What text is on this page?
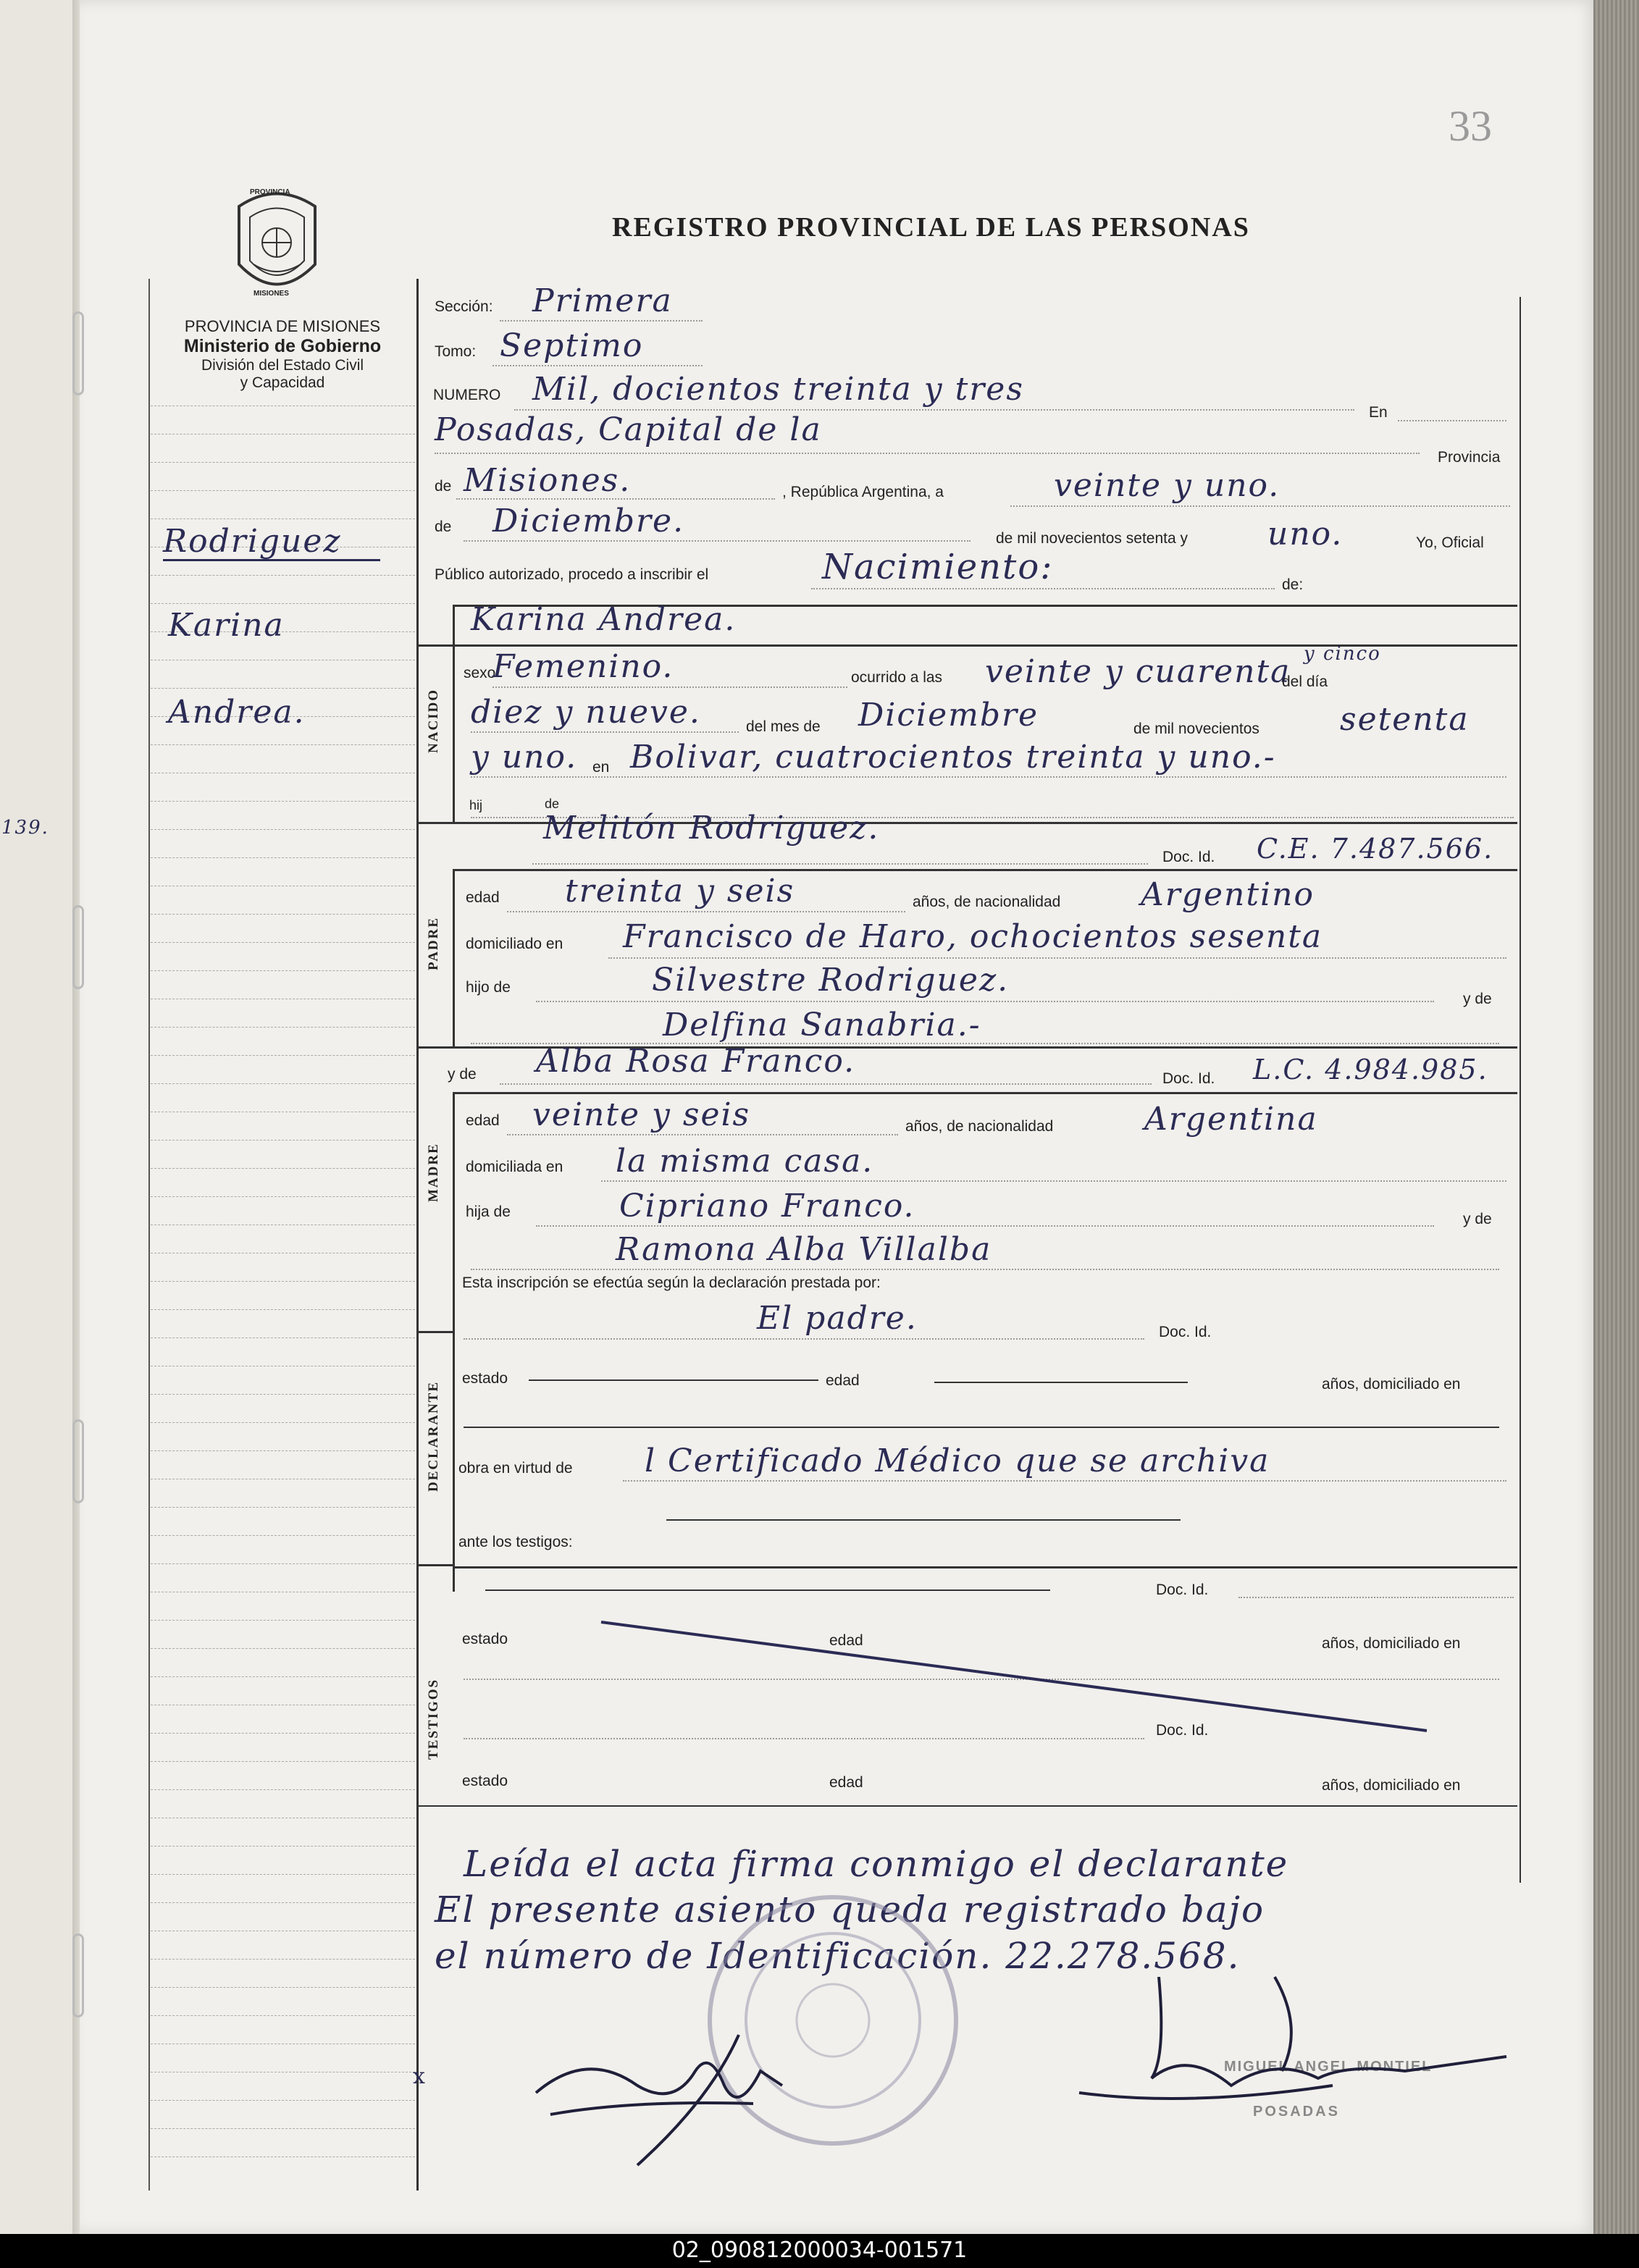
139.
33
PROVINCIA
MISIONES
PROVINCIA DE MISIONES
Ministerio de Gobierno
División del Estado Civil
y Capacidad
REGISTRO PROVINCIAL DE LAS PERSONAS
Rodriguez
Karina
Andrea.
Sección: Primera
Tomo: Septimo
NUMERO Mil, docientos treinta y tres
En
Posadas, Capital de la
Provincia
de Misiones.	, República Argentina, a	veinte y uno.
de Diciembre.	de mil novecientos setenta y	uno.	Yo, Oficial
Público autorizado, procedo a inscribir el	Nacimiento:	de:
Karina Andrea.
NACIDO
sexo
Femenino.	ocurrido a las veinte y cuarenta y cinco
del día
diez y nueve.	del mes de Diciembre	de mil novecientos	setenta
y uno. en Bolivar, cuatrocientos treinta y uno.-
hij	de
Melitón Rodriguez.
Doc. Id. C.E. 7.487.566.
PADRE
edad treinta y seis	años, de nacionalidad	Argentino
domiciliado en Francisco de Haro, ochocientos sesenta
hijo de	Silvestre Rodriguez.
y de
Delfina Sanabria.-
y de Alba Rosa Franco.	Doc. Id. L.C. 4.984.985.
MADRE
edad veinte y seis	años, de nacionalidad	Argentina
domiciliada en la misma casa.
hija de	Cipriano Franco.	y de
Ramona Alba Villalba
Esta inscripción se efectúa según la declaración prestada por:
El padre.	Doc. Id.
DECLARANTE
estado	edad	años, domiciliado en
obra en virtud de l Certificado Médico que se archiva
ante los testigos:
TESTIGOS
Doc. Id.
estado	edad	años, domiciliado en
Doc. Id.
estado	edad	años, domiciliado en
Leída el acta firma conmigo el declarante
El presente asiento queda registrado bajo
el número de Identificación. 22.278.568.
MIGUEL ANGEL MONTIEL
POSADAS
x
02_090812000034-001571
